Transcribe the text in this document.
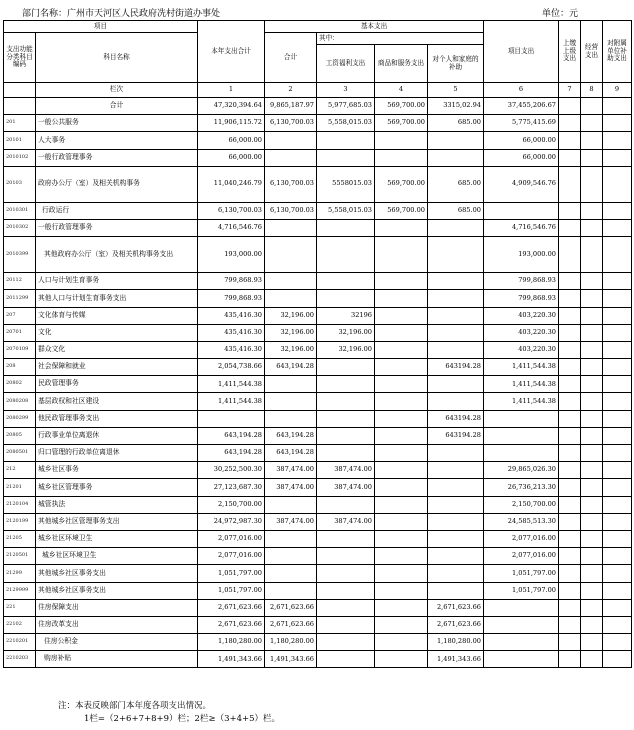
部门名称：广州市天河区人民政府冼村街道办事处	单位：元
项目		本年支出合计	基本支出				项目支出	上缴上级支出	经营支出	对附属单位补助支出
支出功能分类科目编码	科目名称		合计	其中：						
				工资福利支出	商品和服务支出	对个人和家庭的补助				
	栏次	1	2	3	4	5	6	7	8	9
	合计	47,320,394.64	9,865,187.97	5,977,685.03	569,700.00	3315,02.94	37,455,206.67			
201	一般公共服务	11,906,115.72	6,130,700.03	5,558,015.03	569,700.00	685.00	5,775,415.69			
20101	人大事务	66,000.00					66,000.00			
2010102	一般行政管理事务	66,000.00					66,000.00			
20103	政府办公厅（室）及相关机构事务	11,040,246.79	6,130,700.03	5558015.03	569,700.00	685.00	4,909,546.76			
2010301	行政运行	6,130,700.03	6,130,700.03	5,558,015.03	569,700.00	685.00				
2010302	一般行政管理事务	4,716,546.76					4,716,546.76			
2010399	其他政府办公厅（室）及相关机构事务支出	193,000.00					193,000.00			
20112	人口与计划生育事务	799,868.93					799,868.93			
2011299	其他人口与计划生育事务支出	799,868.93					799,868.93			
207	文化体育与传媒	435,416.30	32,196.00	32196			403,220.30			
20701	文化	435,416.30	32,196.00	32,196.00			403,220.30			
2070109	群众文化	435,416.30	32,196.00	32,196.00			403,220.30			
208	社会保障和就业	2,054,738.66	643,194.28			643194.28	1,411,544.38			
20802	民政管理事务	1,411,544.38					1,411,544.38			
2080208	基层政权和社区建设	1,411,544.38					1,411,544.38			
2080299	他民政管理事务支出					643194.28				
20805	行政事业单位离退休	643,194.28	643,194.28			643194.28				
2080501	归口管理的行政单位离退休	643,194.28	643,194.28							
212	城乡社区事务	30,252,500.30	387,474.00	387,474.00			29,865,026.30			
21201	城乡社区管理事务	27,123,687.30	387,474.00	387,474.00			26,736,213.30			
2120104	城管执法	2,150,700.00					2,150,700.00			
2120199	其他城乡社区管理事务支出	24,972,987.30	387,474.00	387,474.00			24,585,513.30			
21205	城乡社区环境卫生	2,077,016.00					2,077,016.00			
2120501	城乡社区环境卫生	2,077,016.00					2,077,016.00			
21299	其他城乡社区事务支出	1,051,797.00					1,051,797.00			
2129999	其他城乡社区事务支出	1,051,797.00					1,051,797.00			
221	住房保障支出	2,671,623.66	2,671,623.66			2,671,623.66				
22102	住房改革支出	2,671,623.66	2,671,623.66			2,671,623.66				
2210201	住房公积金	1,180,280.00	1,180,280.00			1,180,280.00				
2210203	购房补贴	1,491,343.66	1,491,343.66			1,491,343.66				
注：本表反映部门本年度各项支出情况。
1栏=（2+6+7+8+9）栏；2栏≥（3+4+5）栏。
